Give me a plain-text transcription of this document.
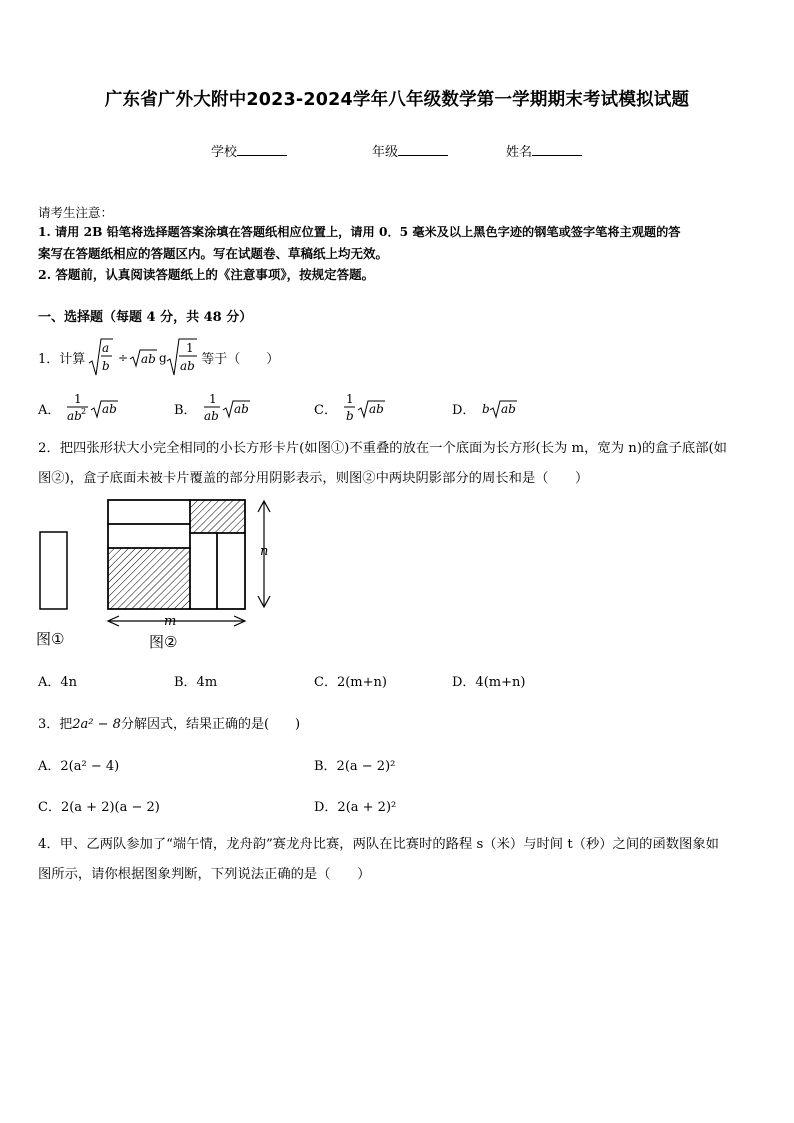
广东省广外大附中2023-2024学年八年级数学第一学期期末考试模拟试题
学校	年级	姓名
请考生注意：
1. 请用 2B 铅笔将选择题答案涂填在答题纸相应位置上，请用 0．5 毫米及以上黑色字迹的钢笔或签字笔将主观题的答
案写在答题纸相应的答题区内。写在试题卷、草稿纸上均无效。
2. 答题前，认真阅读答题纸上的《注意事项》，按规定答题。
一、选择题（每题 4 分，共 48 分）
1．计算
a
b
÷ ab g
1
ab 等于（　　）
A．
1
ab 2 ab	B．
1
ab ab	C．
1
b ab	D． b ab
2．把四张形状大小完全相同的小长方形卡片(如图①)不重叠的放在一个底面为长方形(长为 m，宽为 n)的盒子底部(如
图②)，盒子底面未被卡片覆盖的部分用阴影表示，则图②中两块阴影部分的周长和是（　　）
n
m
图①	图②
A．4n	B．4m	C．2(m+n)	D．4(m+n)
3．把2a² − 8分解因式，结果正确的是(　　)
A．2(a² − 4)	B．2(a − 2)²
C．2(a + 2)(a − 2)	D．2(a + 2)²
4．甲、乙两队参加了“端午情，龙舟韵”赛龙舟比赛，两队在比赛时的路程 s（米）与时间 t（秒）之间的函数图象如
图所示，请你根据图象判断，下列说法正确的是（　　）
